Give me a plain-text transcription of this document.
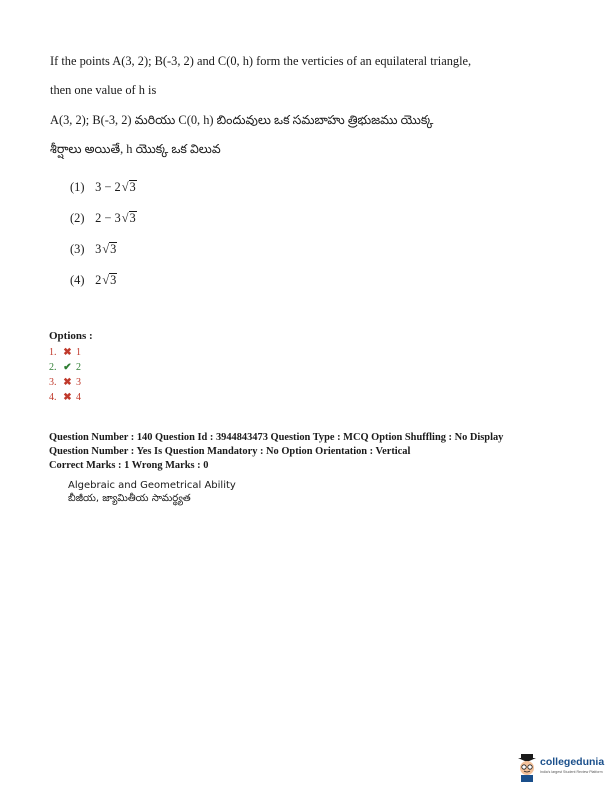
If the points A(3, 2); B(-3, 2) and C(0, h) form the verticies of an equilateral triangle,
then one value of h is
A(3, 2); B(-3, 2) మరియు C(0, h) బిందువులు ఒక సమబాహు త్రిభుజము యొక్క
శీర్షాలు అయితే, h యొక్క ఒక విలువ
(1) 3 − 2√3
(2) 2 − 3√3
(3) 3√3
(4) 2√3
Options :
1. ✖ 1
2. ✔ 2
3. ✖ 3
4. ✖ 4
Question Number : 140 Question Id : 3944843473 Question Type : MCQ Option Shuffling : No Display
Question Number : Yes Is Question Mandatory : No Option Orientation : Vertical
Correct Marks : 1 Wrong Marks : 0
Algebraic and Geometrical Ability
బీజీయ, జ్యామితీయ సామర్థ్యత
collegedunia
India's largest Student Review Platform
